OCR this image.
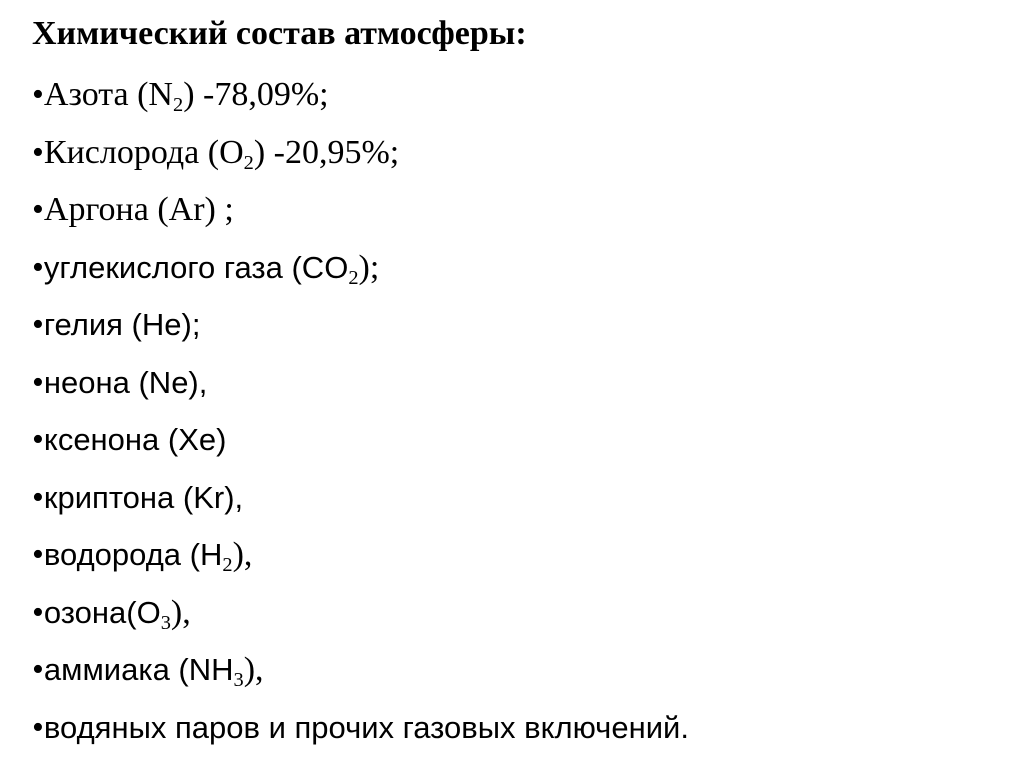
Химический состав атмосферы:
•Азота $(N_2)$ -78,09%;
•Кислорода $(O_2)$ -20,95%;
•Аргона (Ar) ;
•углекислого газа $(CO_2)$;
•гелия (He);
•неона (Ne),
•ксенона (Xe)
•криптона (Kr),
•водорода $(H_2)$,
$•озона(O_3)$,
•аммиака $(NH_3)$,
•водяных паров и прочих газовых включений.
